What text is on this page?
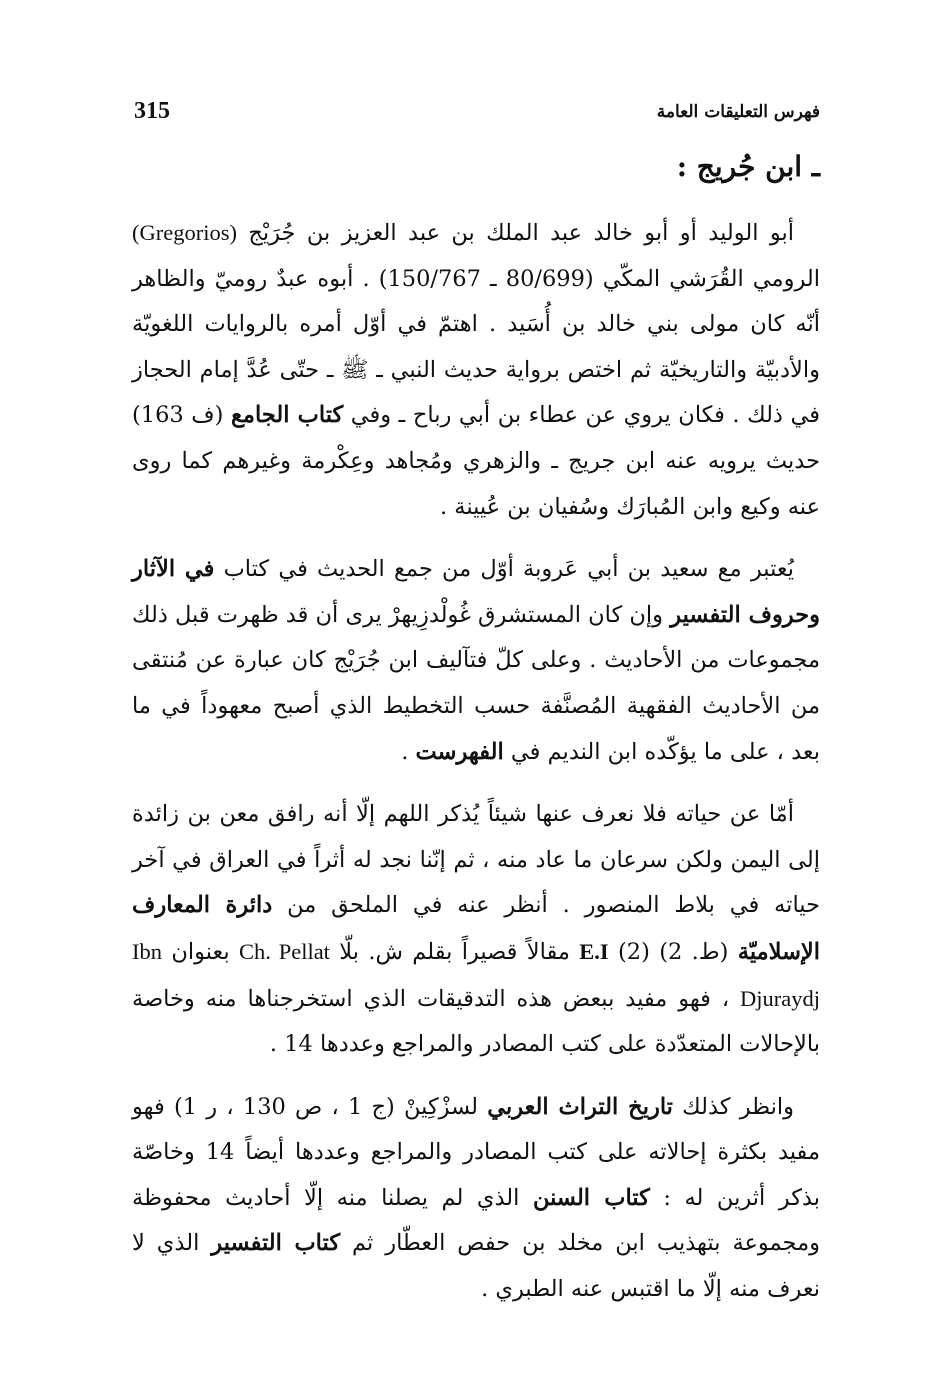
فهرس التعليقات العامة
315
ـ ابن جُريج :

أبو الوليد أو أبو خالد عبد الملك بن عبد العزيز بن جُرَيْج (Gregorios) الرومي القُرَشي المكّي (80/699 ـ 150/767) . أبوه عبدٌ روميّ والظاهر أنّه كان مولى بني خالد بن أُسَيد . اهتمّ في أوّل أمره بالروايات اللغويّة والأدبيّة والتاريخيّة ثم اختص برواية حديث النبي ـ ﷺ ـ حتّى عُدَّ إمام الحجاز في ذلك . فكان يروي عن عطاء بن أبي رباح ـ وفي كتاب الجامع (ف 163) حديث يرويه عنه ابن جريج ـ والزهري ومُجاهد وعِكْرمة وغيرهم كما روى عنه وكيع وابن المُبارَك وسُفيان بن عُيينة .

يُعتبر مع سعيد بن أبي عَروبة أوّل من جمع الحديث في كتاب في الآثار وحروف التفسير وإن كان المستشرق غُولْدزِيهرْ يرى أن قد ظهرت قبل ذلك مجموعات من الأحاديث . وعلى كلّ فتآليف ابن جُرَيْج كان عبارة عن مُنتقى من الأحاديث الفقهية المُصنَّفة حسب التخطيط الذي أصبح معهوداً في ما بعد ، على ما يؤكّده ابن النديم في الفهرست .

أمّا عن حياته فلا نعرف عنها شيئاً يُذكر اللهم إلّا أنه رافق معن بن زائدة إلى اليمن ولكن سرعان ما عاد منه ، ثم إنّنا نجد له أثراً في العراق في آخر حياته في بلاط المنصور . أنظر عنه في الملحق من دائرة المعارف الإسلاميّة (ط. 2) (2) E.I مقالاً قصيراً بقلم ش. بلّا Ch. Pellat بعنوان Ibn Djuraydj ، فهو مفيد ببعض هذه التدقيقات الذي استخرجناها منه وخاصة بالإحالات المتعدّدة على كتب المصادر والمراجع وعددها 14 .

وانظر كذلك تاريخ التراث العربي لسزْكِينْ (ج 1 ، ص 130 ، ر 1) فهو مفيد بكثرة إحالاته على كتب المصادر والمراجع وعددها أيضاً 14 وخاصّة بذكر أثرين له : كتاب السنن الذي لم يصلنا منه إلّا أحاديث محفوظة ومجموعة بتهذيب ابن مخلد بن حفص العطّار ثم كتاب التفسير الذي لا نعرف منه إلّا ما اقتبس عنه الطبري .
